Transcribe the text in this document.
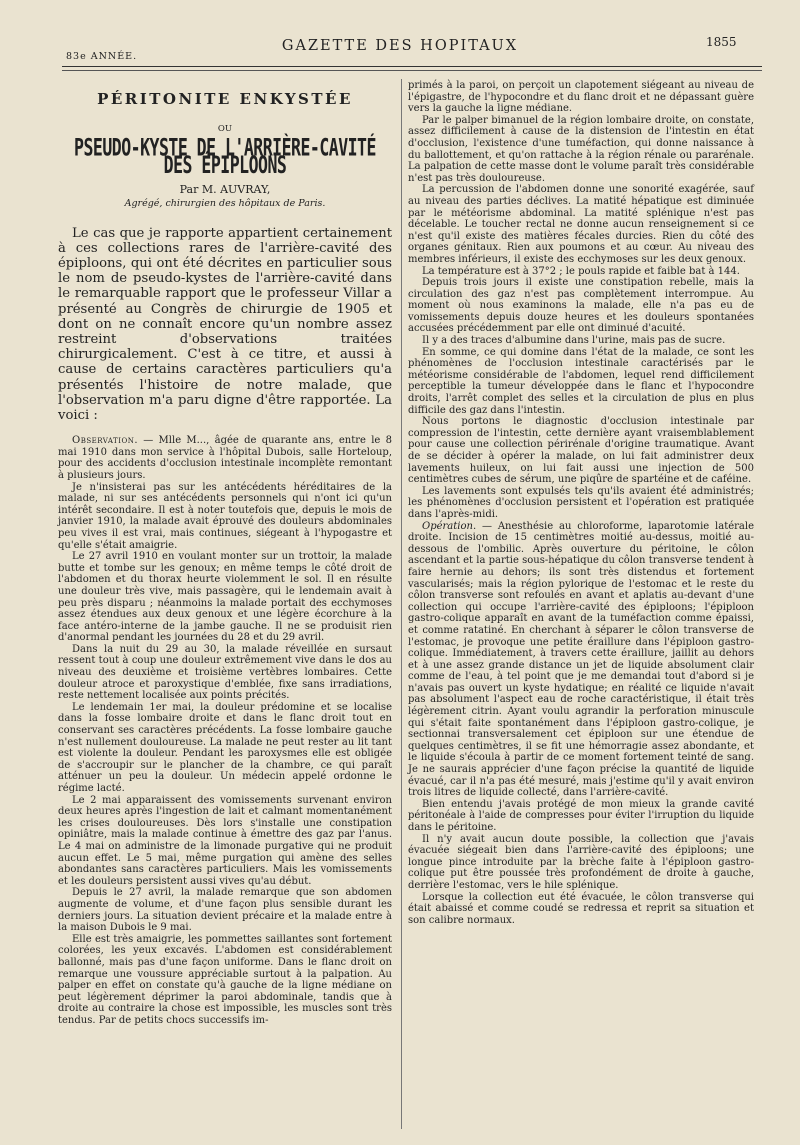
83e ANNÉE.
GAZETTE DES HOPITAUX	1855
PÉRITONITE ENKYSTÉE
OU
PSEUDO-KYSTE DE L'ARRIÈRE-CAVITÉ DES ÉPIPLOONS
Par M. AUVRAY,
Agrégé, chirurgien des hôpitaux de Paris.

Le cas que je rapporte appartient certainement à ces collections rares de l'arrière-cavité des épiploons, qui ont été décrites en particulier sous le nom de pseudo-kystes de l'arrière-cavité dans le remarquable rapport que le professeur Villar a présenté au Congrès de chirurgie de 1905 et dont on ne connaît encore qu'un nombre assez restreint d'observations traitées chirurgicalement. C'est à ce titre, et aussi à cause de certains caractères particuliers qu'a présentés l'histoire de notre malade, que l'observation m'a paru digne d'être rapportée. La voici :

Observation. — Mlle M..., âgée de quarante ans, entre le 8 mai 1910 dans mon service à l'hôpital Dubois, salle Horteloup, pour des accidents d'occlusion intestinale incomplète remontant à plusieurs jours.

Je n'insisterai pas sur les antécédents héréditaires de la malade, ni sur ses antécédents personnels qui n'ont ici qu'un intérêt secondaire. Il est à noter toutefois que, depuis le mois de janvier 1910, la malade avait éprouvé des douleurs abdominales peu vives il est vrai, mais continues, siégeant à l'hypogastre et qu'elle s'était amaigrie.

Le 27 avril 1910 en voulant monter sur un trottoir, la malade butte et tombe sur les genoux; en même temps le côté droit de l'abdomen et du thorax heurte violemment le sol. Il en résulte une douleur très vive, mais passagère, qui le lendemain avait à peu près disparu ; néanmoins la malade portait des ecchymoses assez étendues aux deux genoux et une légère écorchure à la face antéro-interne de la jambe gauche. Il ne se produisit rien d'anormal pendant les journées du 28 et du 29 avril.

Dans la nuit du 29 au 30, la malade réveillée en sursaut ressent tout à coup une douleur extrêmement vive dans le dos au niveau des deuxième et troisième vertèbres lombaires. Cette douleur atroce et paroxystique d'emblée, fixe sans irradiations, reste nettement localisée aux points précités.

Le lendemain 1er mai, la douleur prédomine et se localise dans la fosse lombaire droite et dans le flanc droit tout en conservant ses caractères précédents. La fosse lombaire gauche n'est nullement douloureuse. La malade ne peut rester au lit tant est violente la douleur. Pendant les paroxysmes elle est obligée de s'accroupir sur le plancher de la chambre, ce qui paraît atténuer un peu la douleur. Un médecin appelé ordonne le régime lacté.

Le 2 mai apparaissent des vomissements survenant environ deux heures après l'ingestion de lait et calmant momentanément les crises douloureuses. Dès lors s'installe une constipation opiniâtre, mais la malade continue à émettre des gaz par l'anus. Le 4 mai on administre de la limonade purgative qui ne produit aucun effet. Le 5 mai, même purgation qui amène des selles abondantes sans caractères particuliers. Mais les vomissements et les douleurs persistent aussi vives qu'au début.

Depuis le 27 avril, la malade remarque que son abdomen augmente de volume, et d'une façon plus sensible durant les derniers jours. La situation devient précaire et la malade entre à la maison Dubois le 9 mai.

Elle est très amaigrie, les pommettes saillantes sont fortement colorées, les yeux excavés. L'abdomen est considérablement ballonné, mais pas d'une façon uniforme. Dans le flanc droit on remarque une voussure appréciable surtout à la palpation. Au palper en effet on constate qu'à gauche de la ligne médiane on peut légèrement déprimer la paroi abdominale, tandis que à droite au contraire la chose est impossible, les muscles sont très tendus. Par de petits chocs successifs im-

primés à la paroi, on perçoit un clapotement siégeant au niveau de l'épigastre, de l'hypocondre et du flanc droit et ne dépassant guère vers la gauche la ligne médiane.

Par le palper bimanuel de la région lombaire droite, on constate, assez difficilement à cause de la distension de l'intestin en état d'occlusion, l'existence d'une tuméfaction, qui donne naissance à du ballottement, et qu'on rattache à la région rénale ou pararénale. La palpation de cette masse dont le volume paraît très considérable n'est pas très douloureuse.

La percussion de l'abdomen donne une sonorité exagérée, sauf au niveau des parties déclives. La matité hépatique est diminuée par le météorisme abdominal. La matité splénique n'est pas décelable. Le toucher rectal ne donne aucun renseignement si ce n'est qu'il existe des matières fécales durcies. Rien du côté des organes génitaux. Rien aux poumons et au cœur. Au niveau des membres inférieurs, il existe des ecchymoses sur les deux genoux.

La température est à 37°2 ; le pouls rapide et faible bat à 144.

Depuis trois jours il existe une constipation rebelle, mais la circulation des gaz n'est pas complètement interrompue. Au moment où nous examinons la malade, elle n'a pas eu de vomissements depuis douze heures et les douleurs spontanées accusées précédemment par elle ont diminué d'acuité.

Il y a des traces d'albumine dans l'urine, mais pas de sucre.

En somme, ce qui domine dans l'état de la malade, ce sont les phénomènes de l'occlusion intestinale caractérisés par le météorisme considérable de l'abdomen, lequel rend difficilement perceptible la tumeur développée dans le flanc et l'hypocondre droits, l'arrêt complet des selles et la circulation de plus en plus difficile des gaz dans l'intestin.

Nous portons le diagnostic d'occlusion intestinale par compression de l'intestin, cette dernière ayant vraisemblablement pour cause une collection périrénale d'origine traumatique. Avant de se décider à opérer la malade, on lui fait administrer deux lavements huileux, on lui fait aussi une injection de 500 centimètres cubes de sérum, une piqûre de spartéine et de caféine.

Les lavements sont expulsés tels qu'ils avaient été administrés; les phénomènes d'occlusion persistent et l'opération est pratiquée dans l'après-midi.

Opération. — Anesthésie au chloroforme, laparotomie latérale droite. Incision de 15 centimètres moitié au-dessus, moitié au-dessous de l'ombilic. Après ouverture du péritoine, le côlon ascendant et la partie sous-hépatique du côlon transverse tendent à faire hernie au dehors; ils sont très distendus et fortement vascularisés; mais la région pylorique de l'estomac et le reste du côlon transverse sont refoulés en avant et aplatis au-devant d'une collection qui occupe l'arrière-cavité des épiploons; l'épiploon gastro-colique apparaît en avant de la tuméfaction comme épaissi, et comme ratatiné. En cherchant à séparer le côlon transverse de l'estomac, je provoque une petite éraillure dans l'épiploon gastro-colique. Immédiatement, à travers cette éraillure, jaillit au dehors et à une assez grande distance un jet de liquide absolument clair comme de l'eau, à tel point que je me demandai tout d'abord si je n'avais pas ouvert un kyste hydatique; en réalité ce liquide n'avait pas absolument l'aspect eau de roche caractéristique, il était très légèrement citrin. Ayant voulu agrandir la perforation minuscule qui s'était faite spontanément dans l'épiploon gastro-colique, je sectionnai transversalement cet épiploon sur une étendue de quelques centimètres, il se fit une hémorragie assez abondante, et le liquide s'écoula à partir de ce moment fortement teinté de sang. Je ne saurais apprécier d'une façon précise la quantité de liquide évacué, car il n'a pas été mesuré, mais j'estime qu'il y avait environ trois litres de liquide collecté, dans l'arrière-cavité.

Bien entendu j'avais protégé de mon mieux la grande cavité péritonéale à l'aide de compresses pour éviter l'irruption du liquide dans le péritoine.

Il n'y avait aucun doute possible, la collection que j'avais évacuée siégeait bien dans l'arrière-cavité des épiploons; une longue pince introduite par la brèche faite à l'épiploon gastro-colique put être poussée très profondément de droite à gauche, derrière l'estomac, vers le hile splénique.

Lorsque la collection eut été évacuée, le côlon transverse qui était abaissé et comme coudé se redressa et reprit sa situation et son calibre normaux.
